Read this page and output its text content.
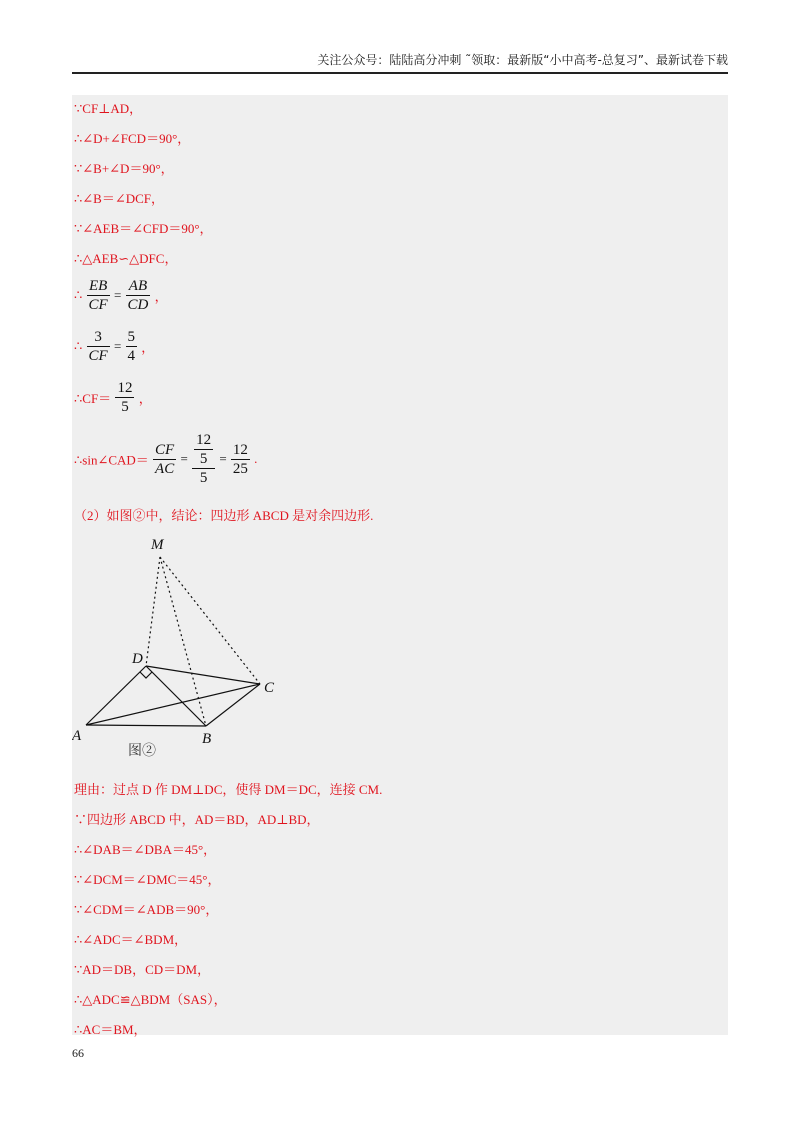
关注公众号：陆陆高分冲刺 ˜领取：最新版“小中高考-总复习”、最新试卷下载
∵CF⊥AD，
∴∠D+∠FCD＝90°，
∵∠B+∠D＝90°，
∴∠B＝∠DCF，
∵∠AEB＝∠CFD＝90°，
∴△AEB∽△DFC，
∴ $\frac{EB}{CF} = \frac{AB}{CD}$ ，
∴ $\frac{3}{CF} = \frac{5}{4}$ ，
∴CF＝ $\frac{12}{5}$ ，
∴sin∠CAD＝ $\frac{CF}{AC} = \frac{\frac{12}{5}}{5} = \frac{12}{25}$ .
（2）如图②中，结论：四边形 ABCD 是对余四边形.
M
D
C
A	B
图②
理由：过点 D 作 DM⊥DC，使得 DM＝DC，连接 CM.
∵四边形 ABCD 中，AD＝BD，AD⊥BD，
∴∠DAB＝∠DBA＝45°，
∵∠DCM＝∠DMC＝45°，
∵∠CDM＝∠ADB＝90°，
∴∠ADC＝∠BDM，
∵AD＝DB，CD＝DM，
∴△ADC≌△BDM（SAS），
∴AC＝BM，
66
